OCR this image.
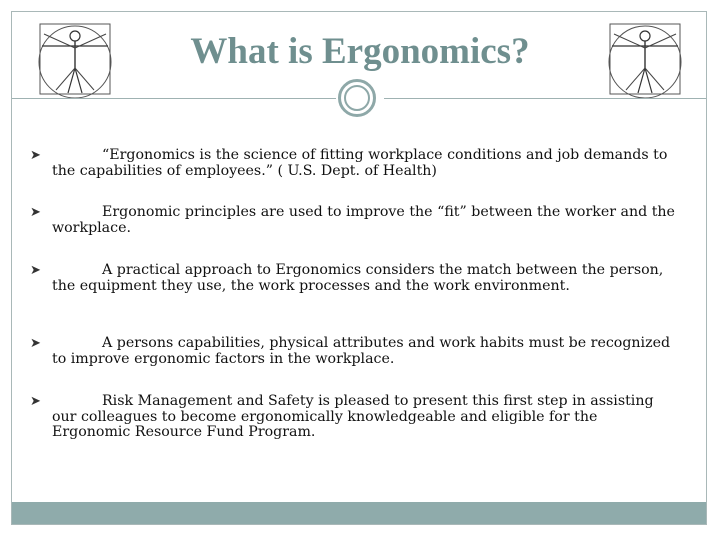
What is Ergonomics?
➤	“Ergonomics is the science of fitting workplace conditions and job demands to the capabilities of employees.” ( U.S. Dept. of Health)
➤	Ergonomic principles are used to improve the “fit” between the worker and the workplace.
➤	A practical approach to Ergonomics considers the match between the person, the equipment they use, the work processes and the work environment.
➤	A persons capabilities, physical attributes and work habits must be recognized to improve ergonomic factors in the workplace.
➤	Risk Management and Safety is pleased to present this first step in assisting our colleagues to become ergonomically knowledgeable and eligible for the Ergonomic Resource Fund Program.
